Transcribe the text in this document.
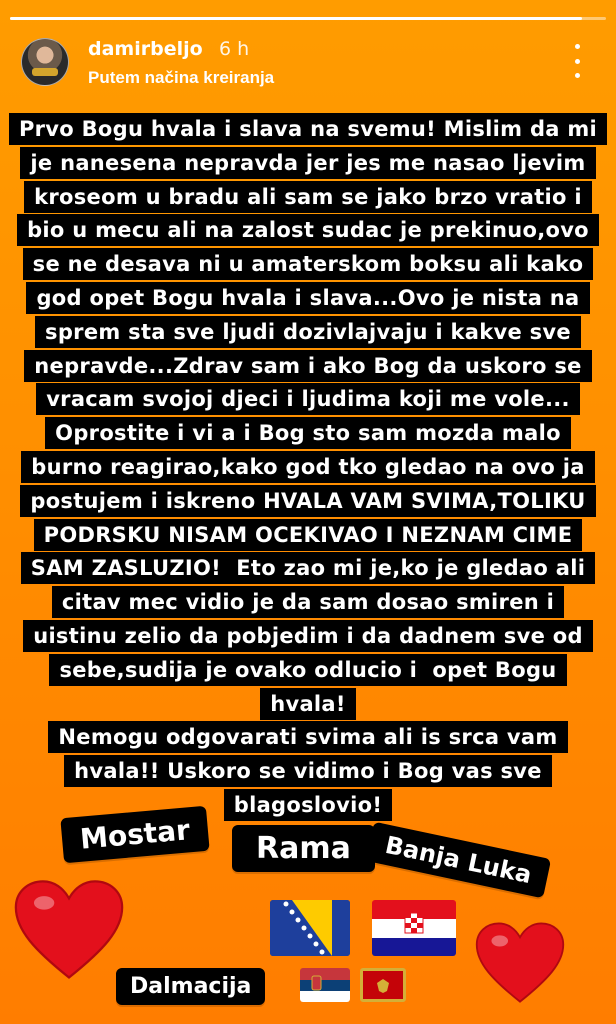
damirbeljo 6 h
Putem načina kreiranja
Prvo Bogu hvala i slava na svemu! Mislim da mi
je nanesena nepravda jer jes me nasao ljevim
kroseom u bradu ali sam se jako brzo vratio i
bio u mecu ali na zalost sudac je prekinuo,ovo
se ne desava ni u amaterskom boksu ali kako
god opet Bogu hvala i slava...Ovo je nista na
sprem sta sve ljudi dozivlajvaju i kakve sve
nepravde...Zdrav sam i ako Bog da uskoro se
vracam svojoj djeci i ljudima koji me vole...
Oprostite i vi a i Bog sto sam mozda malo
burno reagirao,kako god tko gledao na ovo ja
postujem i iskreno HVALA VAM SVIMA,TOLIKU
PODRSKU NISAM OCEKIVAO I NEZNAM CIME
SAM ZASLUZIO!  Eto zao mi je,ko je gledao ali
citav mec vidio je da sam dosao smiren i
uistinu zelio da pobjedim i da dadnem sve od
sebe,sudija je ovako odlucio i  opet Bogu
hvala!
Nemogu odgovarati svima ali is srca vam
hvala!! Uskoro se vidimo i Bog vas sve
blagoslovio!
Mostar	Rama	Banja Luka
Dalmacija
